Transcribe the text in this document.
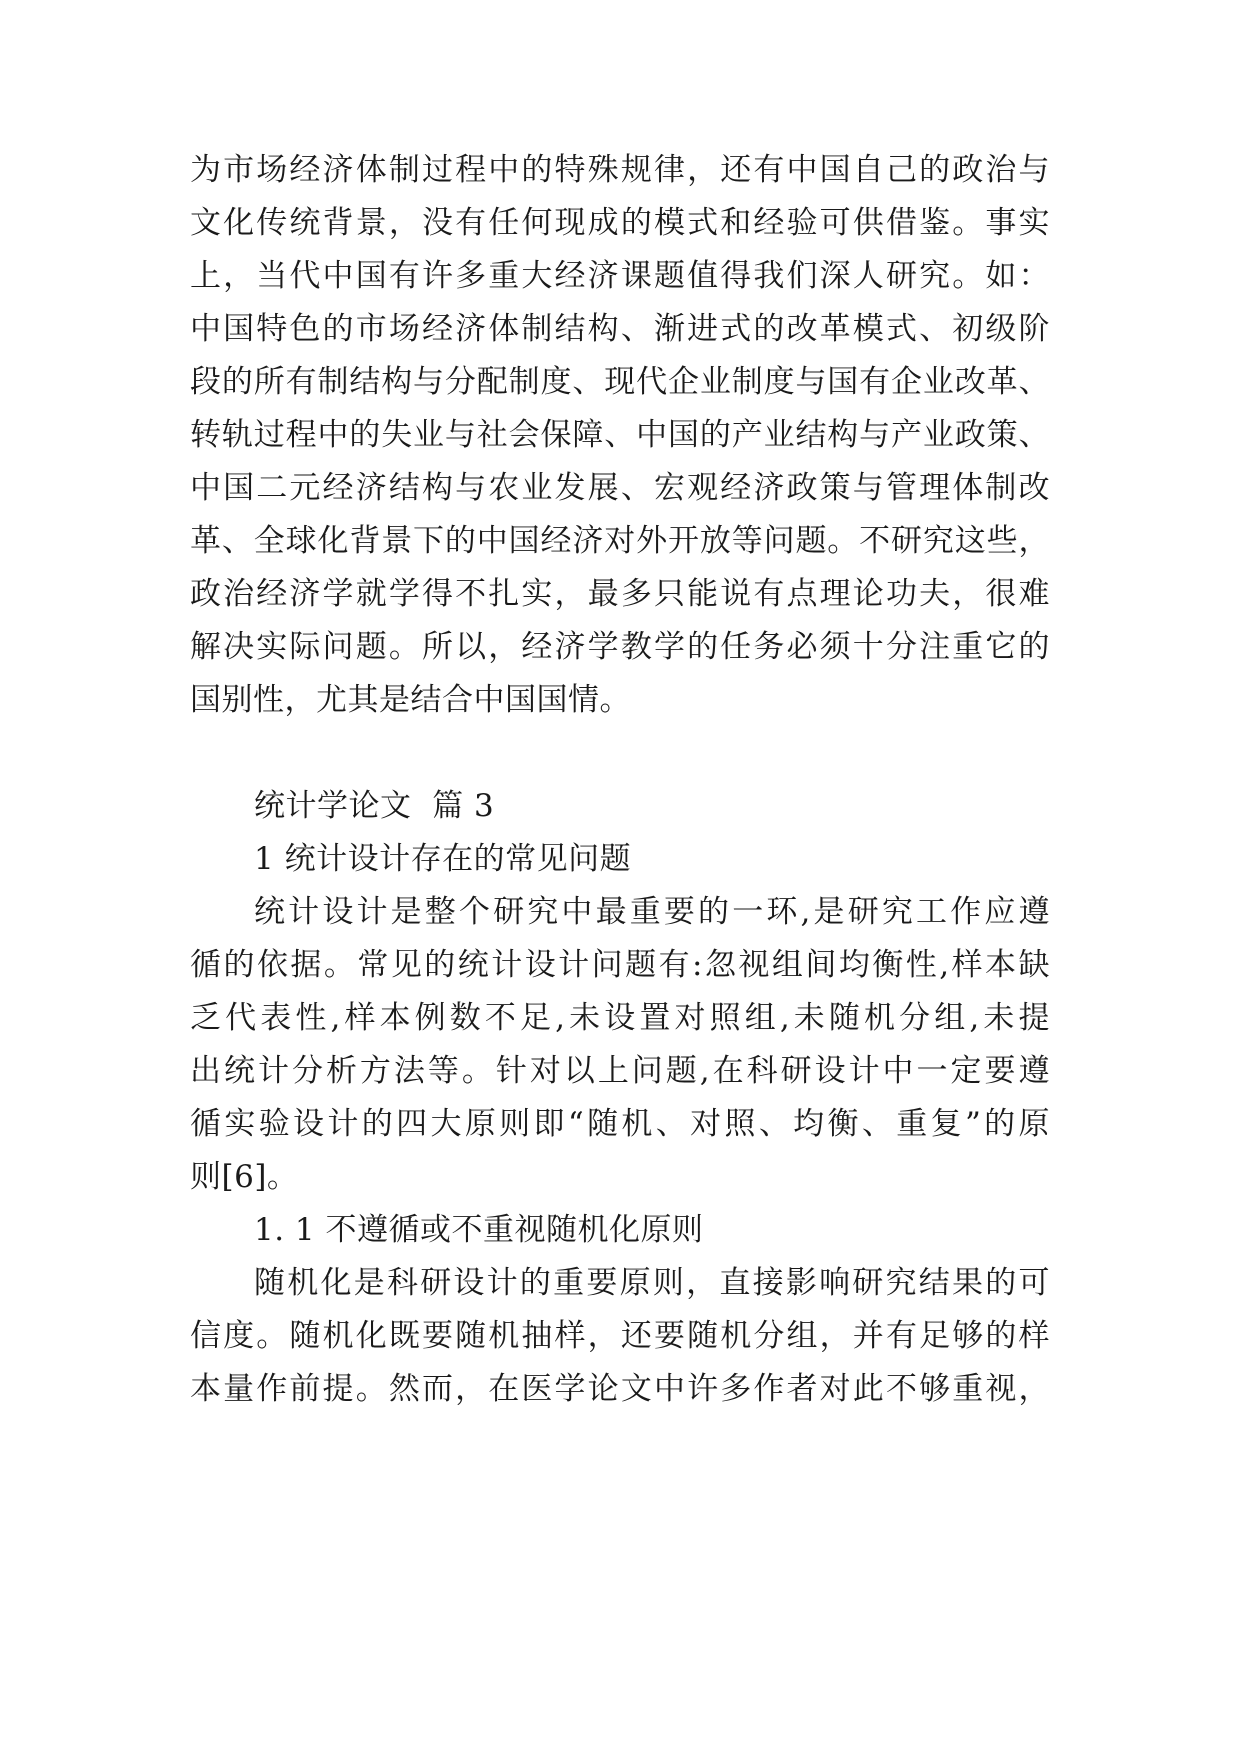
为市场经济体制过程中的特殊规律，还有中国自己的政治与
文化传统背景，没有任何现成的模式和经验可供借鉴。事实
上，当代中国有许多重大经济课题值得我们深人研究。如：
中国特色的市场经济体制结构、渐进式的改革模式、初级阶
段的所有制结构与分配制度、现代企业制度与国有企业改革、
转轨过程中的失业与社会保障、中国的产业结构与产业政策、
中国二元经济结构与农业发展、宏观经济政策与管理体制改
革、全球化背景下的中国经济对外开放等问题。不研究这些，
政治经济学就学得不扎实，最多只能说有点理论功夫，很难
解决实际问题。所以，经济学教学的任务必须十分注重它的
国别性，尤其是结合中国国情。
统计学论文  篇 3
1 统计设计存在的常见问题
统计设计是整个研究中最重要的一环,是研究工作应遵
循的依据。常见的统计设计问题有:忽视组间均衡性,样本缺
乏代表性,样本例数不足,未设置对照组,未随机分组,未提
出统计分析方法等。针对以上问题,在科研设计中一定要遵
循实验设计的四大原则即“随机、对照、均衡、重复”的原
则[6]。
1. 1 不遵循或不重视随机化原则
随机化是科研设计的重要原则，直接影响研究结果的可
信度。随机化既要随机抽样，还要随机分组，并有足够的样
本量作前提。然而，在医学论文中许多作者对此不够重视，
